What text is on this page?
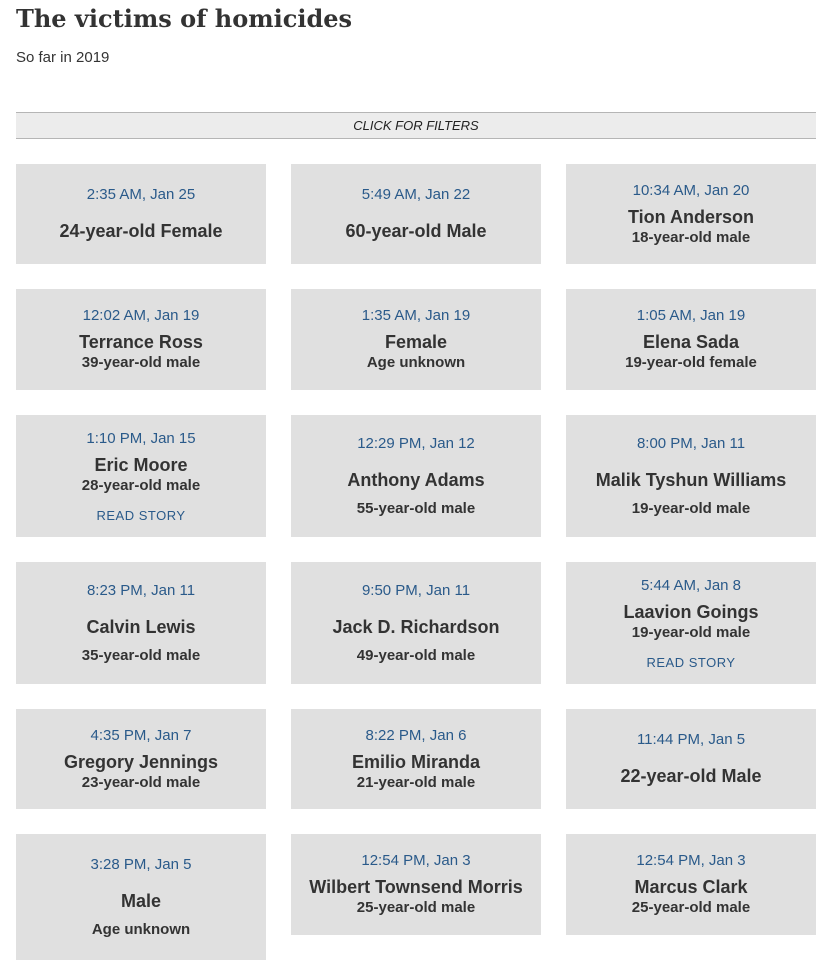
The victims of homicides
So far in 2019
CLICK FOR FILTERS
2:35 AM, Jan 25
24-year-old Female
5:49 AM, Jan 22
60-year-old Male
10:34 AM, Jan 20
Tion Anderson
18-year-old male
12:02 AM, Jan 19
Terrance Ross
39-year-old male
1:35 AM, Jan 19
Female
Age unknown
1:05 AM, Jan 19
Elena Sada
19-year-old female
1:10 PM, Jan 15
Eric Moore
28-year-old male
READ STORY
12:29 PM, Jan 12
Anthony Adams
55-year-old male
8:00 PM, Jan 11
Malik Tyshun Williams
19-year-old male
8:23 PM, Jan 11
Calvin Lewis
35-year-old male
9:50 PM, Jan 11
Jack D. Richardson
49-year-old male
5:44 AM, Jan 8
Laavion Goings
19-year-old male
READ STORY
4:35 PM, Jan 7
Gregory Jennings
23-year-old male
8:22 PM, Jan 6
Emilio Miranda
21-year-old male
11:44 PM, Jan 5
22-year-old Male
3:28 PM, Jan 5
Male
Age unknown
12:54 PM, Jan 3
Wilbert Townsend Morris
25-year-old male
12:54 PM, Jan 3
Marcus Clark
25-year-old male
